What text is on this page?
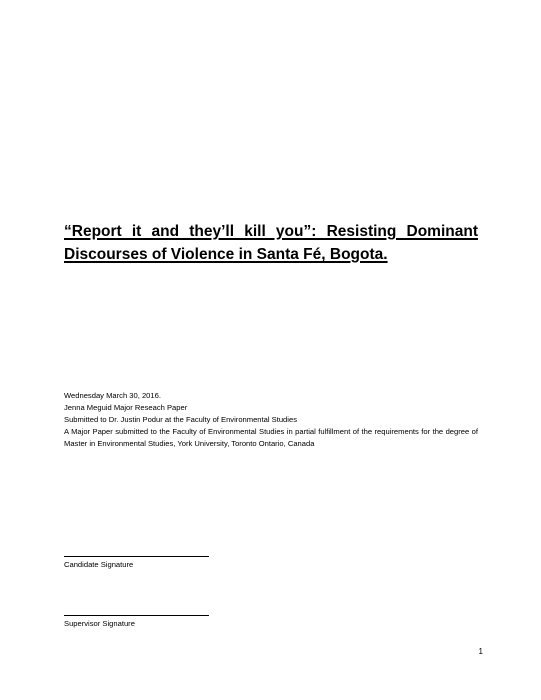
“Report it and they’ll kill you”: Resisting Dominant
Discourses of Violence in Santa Fé, Bogota.
Wednesday March 30, 2016.
Jenna Meguid Major Reseach Paper
Submitted to Dr. Justin Podur at the Faculty of Environmental Studies
A Major Paper submitted to the Faculty of Environmental Studies in partial fulfillment of the requirements for the degree of Master in Environmental Studies, York University, Toronto Ontario, Canada
Candidate Signature
Supervisor Signature
1
